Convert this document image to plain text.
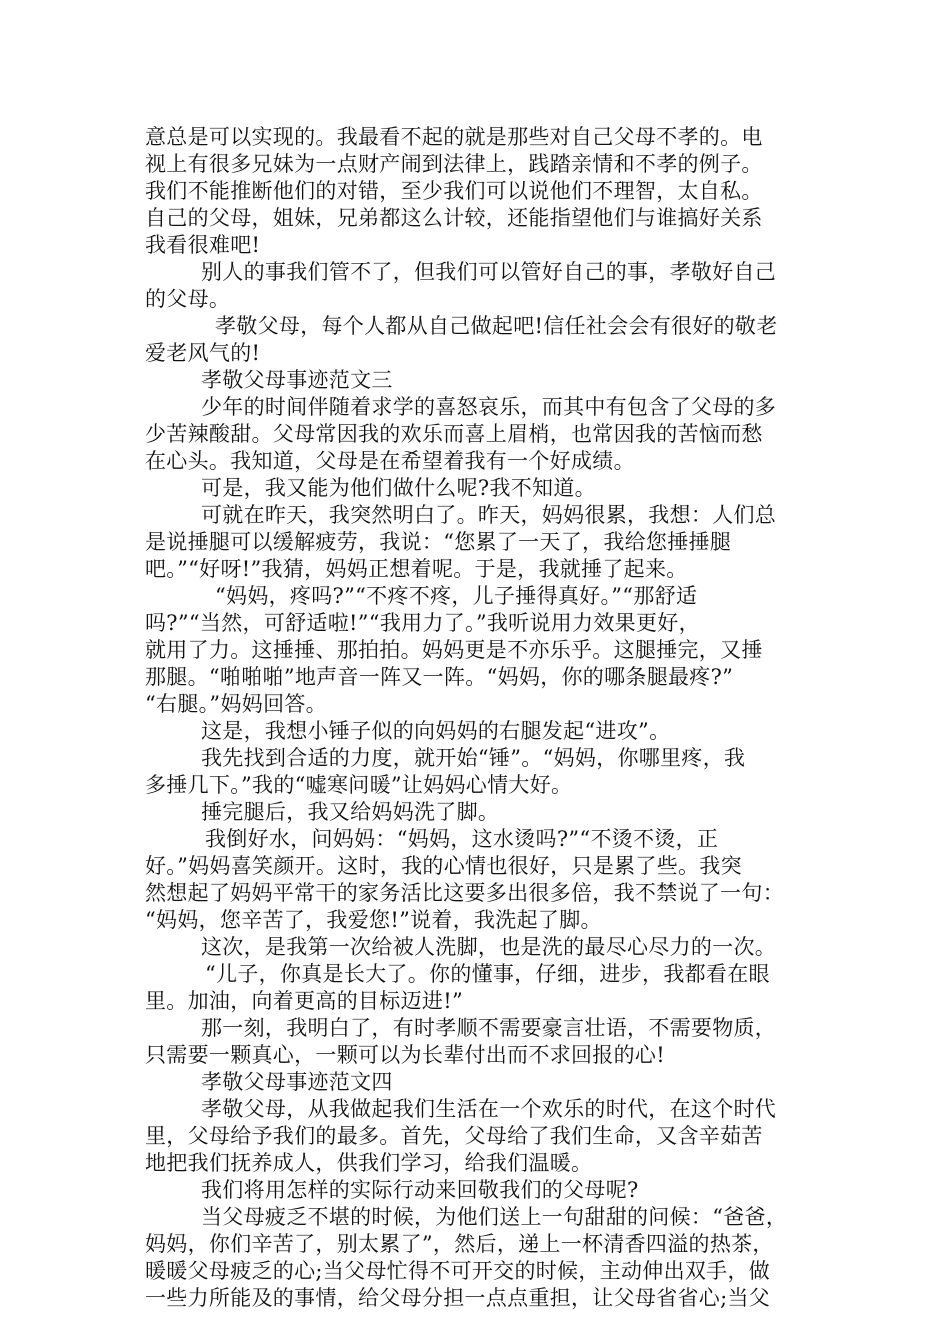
意总是可以实现的。我最看不起的就是那些对自己父母不孝的。电
视上有很多兄妹为一点财产闹到法律上，践踏亲情和不孝的例子。
我们不能推断他们的对错，至少我们可以说他们不理智，太自私。
自己的父母，姐妹，兄弟都这么计较，还能指望他们与谁搞好关系
我看很难吧!
别人的事我们管不了，但我们可以管好自己的事，孝敬好自己
的父母。
孝敬父母，每个人都从自己做起吧!信任社会会有很好的敬老
爱老风气的!
孝敬父母事迹范文三
少年的时间伴随着求学的喜怒哀乐，而其中有包含了父母的多
少苦辣酸甜。父母常因我的欢乐而喜上眉梢，也常因我的苦恼而愁
在心头。我知道，父母是在希望着我有一个好成绩。
可是，我又能为他们做什么呢?我不知道。
可就在昨天，我突然明白了。昨天，妈妈很累，我想：人们总
是说捶腿可以缓解疲劳，我说：“您累了一天了，我给您捶捶腿
吧。”“好呀!”我猜，妈妈正想着呢。于是，我就捶了起来。
“妈妈，疼吗?”“不疼不疼，儿子捶得真好。”“那舒适
吗?”“当然，可舒适啦!”“我用力了。”我听说用力效果更好，
就用了力。这捶捶、那拍拍。妈妈更是不亦乐乎。这腿捶完，又捶
那腿。“啪啪啪”地声音一阵又一阵。“妈妈，你的哪条腿最疼?”
“右腿。”妈妈回答。
这是，我想小锤子似的向妈妈的右腿发起“进攻”。
我先找到合适的力度，就开始“锤”。“妈妈，你哪里疼，我
多捶几下。”我的“嘘寒问暖”让妈妈心情大好。
捶完腿后，我又给妈妈洗了脚。
我倒好水，问妈妈：“妈妈，这水烫吗?”“不烫不烫，正
好。”妈妈喜笑颜开。这时，我的心情也很好，只是累了些。我突
然想起了妈妈平常干的家务活比这要多出很多倍，我不禁说了一句：
“妈妈，您辛苦了，我爱您!”说着，我洗起了脚。
这次，是我第一次给被人洗脚，也是洗的最尽心尽力的一次。
“儿子，你真是长大了。你的懂事，仔细，进步，我都看在眼
里。加油，向着更高的目标迈进!”
那一刻，我明白了，有时孝顺不需要豪言壮语，不需要物质，
只需要一颗真心，一颗可以为长辈付出而不求回报的心!
孝敬父母事迹范文四
孝敬父母，从我做起我们生活在一个欢乐的时代，在这个时代
里，父母给予我们的最多。首先，父母给了我们生命，又含辛茹苦
地把我们抚养成人，供我们学习，给我们温暖。
我们将用怎样的实际行动来回敬我们的父母呢?
当父母疲乏不堪的时候，为他们送上一句甜甜的问候：“爸爸，
妈妈，你们辛苦了，别太累了”，然后，递上一杯清香四溢的热茶，
暖暖父母疲乏的心;当父母忙得不可开交的时候，主动伸出双手，做
一些力所能及的事情，给父母分担一点点重担，让父母省省心;当父
